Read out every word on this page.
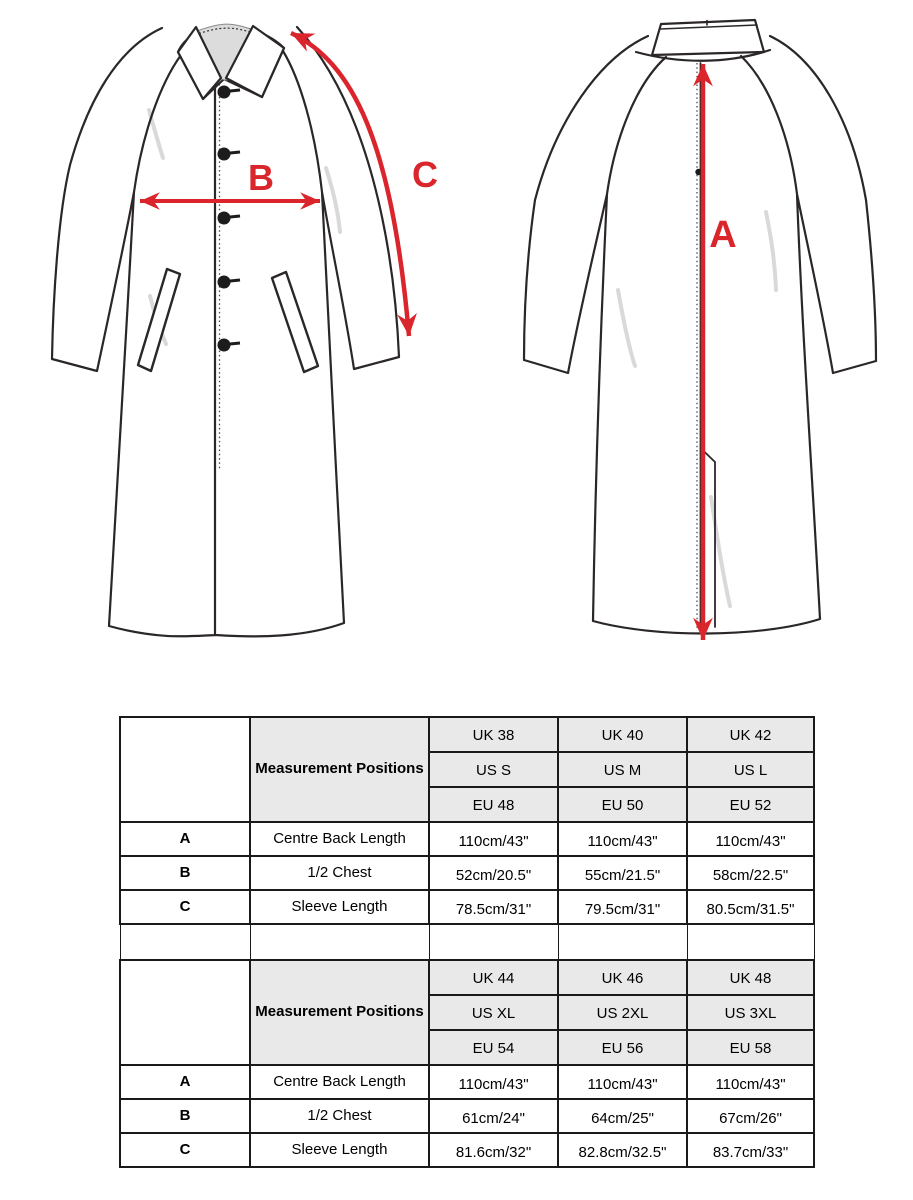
B	C
A
	Measurement Positions	UK 38	UK 40	UK 42
		US S	US M	US L
		EU 48	EU 50	EU 52
A	Centre Back Length	110cm/43"	110cm/43"	110cm/43"
B	1/2 Chest	52cm/20.5"	55cm/21.5"	58cm/22.5"
C	Sleeve Length	78.5cm/31"	79.5cm/31"	80.5cm/31.5"

	Measurement Positions	UK 44	UK 46	UK 48
		US XL	US 2XL	US 3XL
		EU 54	EU 56	EU 58
A	Centre Back Length	110cm/43"	110cm/43"	110cm/43"
B	1/2 Chest	61cm/24"	64cm/25"	67cm/26"
C	Sleeve Length	81.6cm/32"	82.8cm/32.5"	83.7cm/33"
